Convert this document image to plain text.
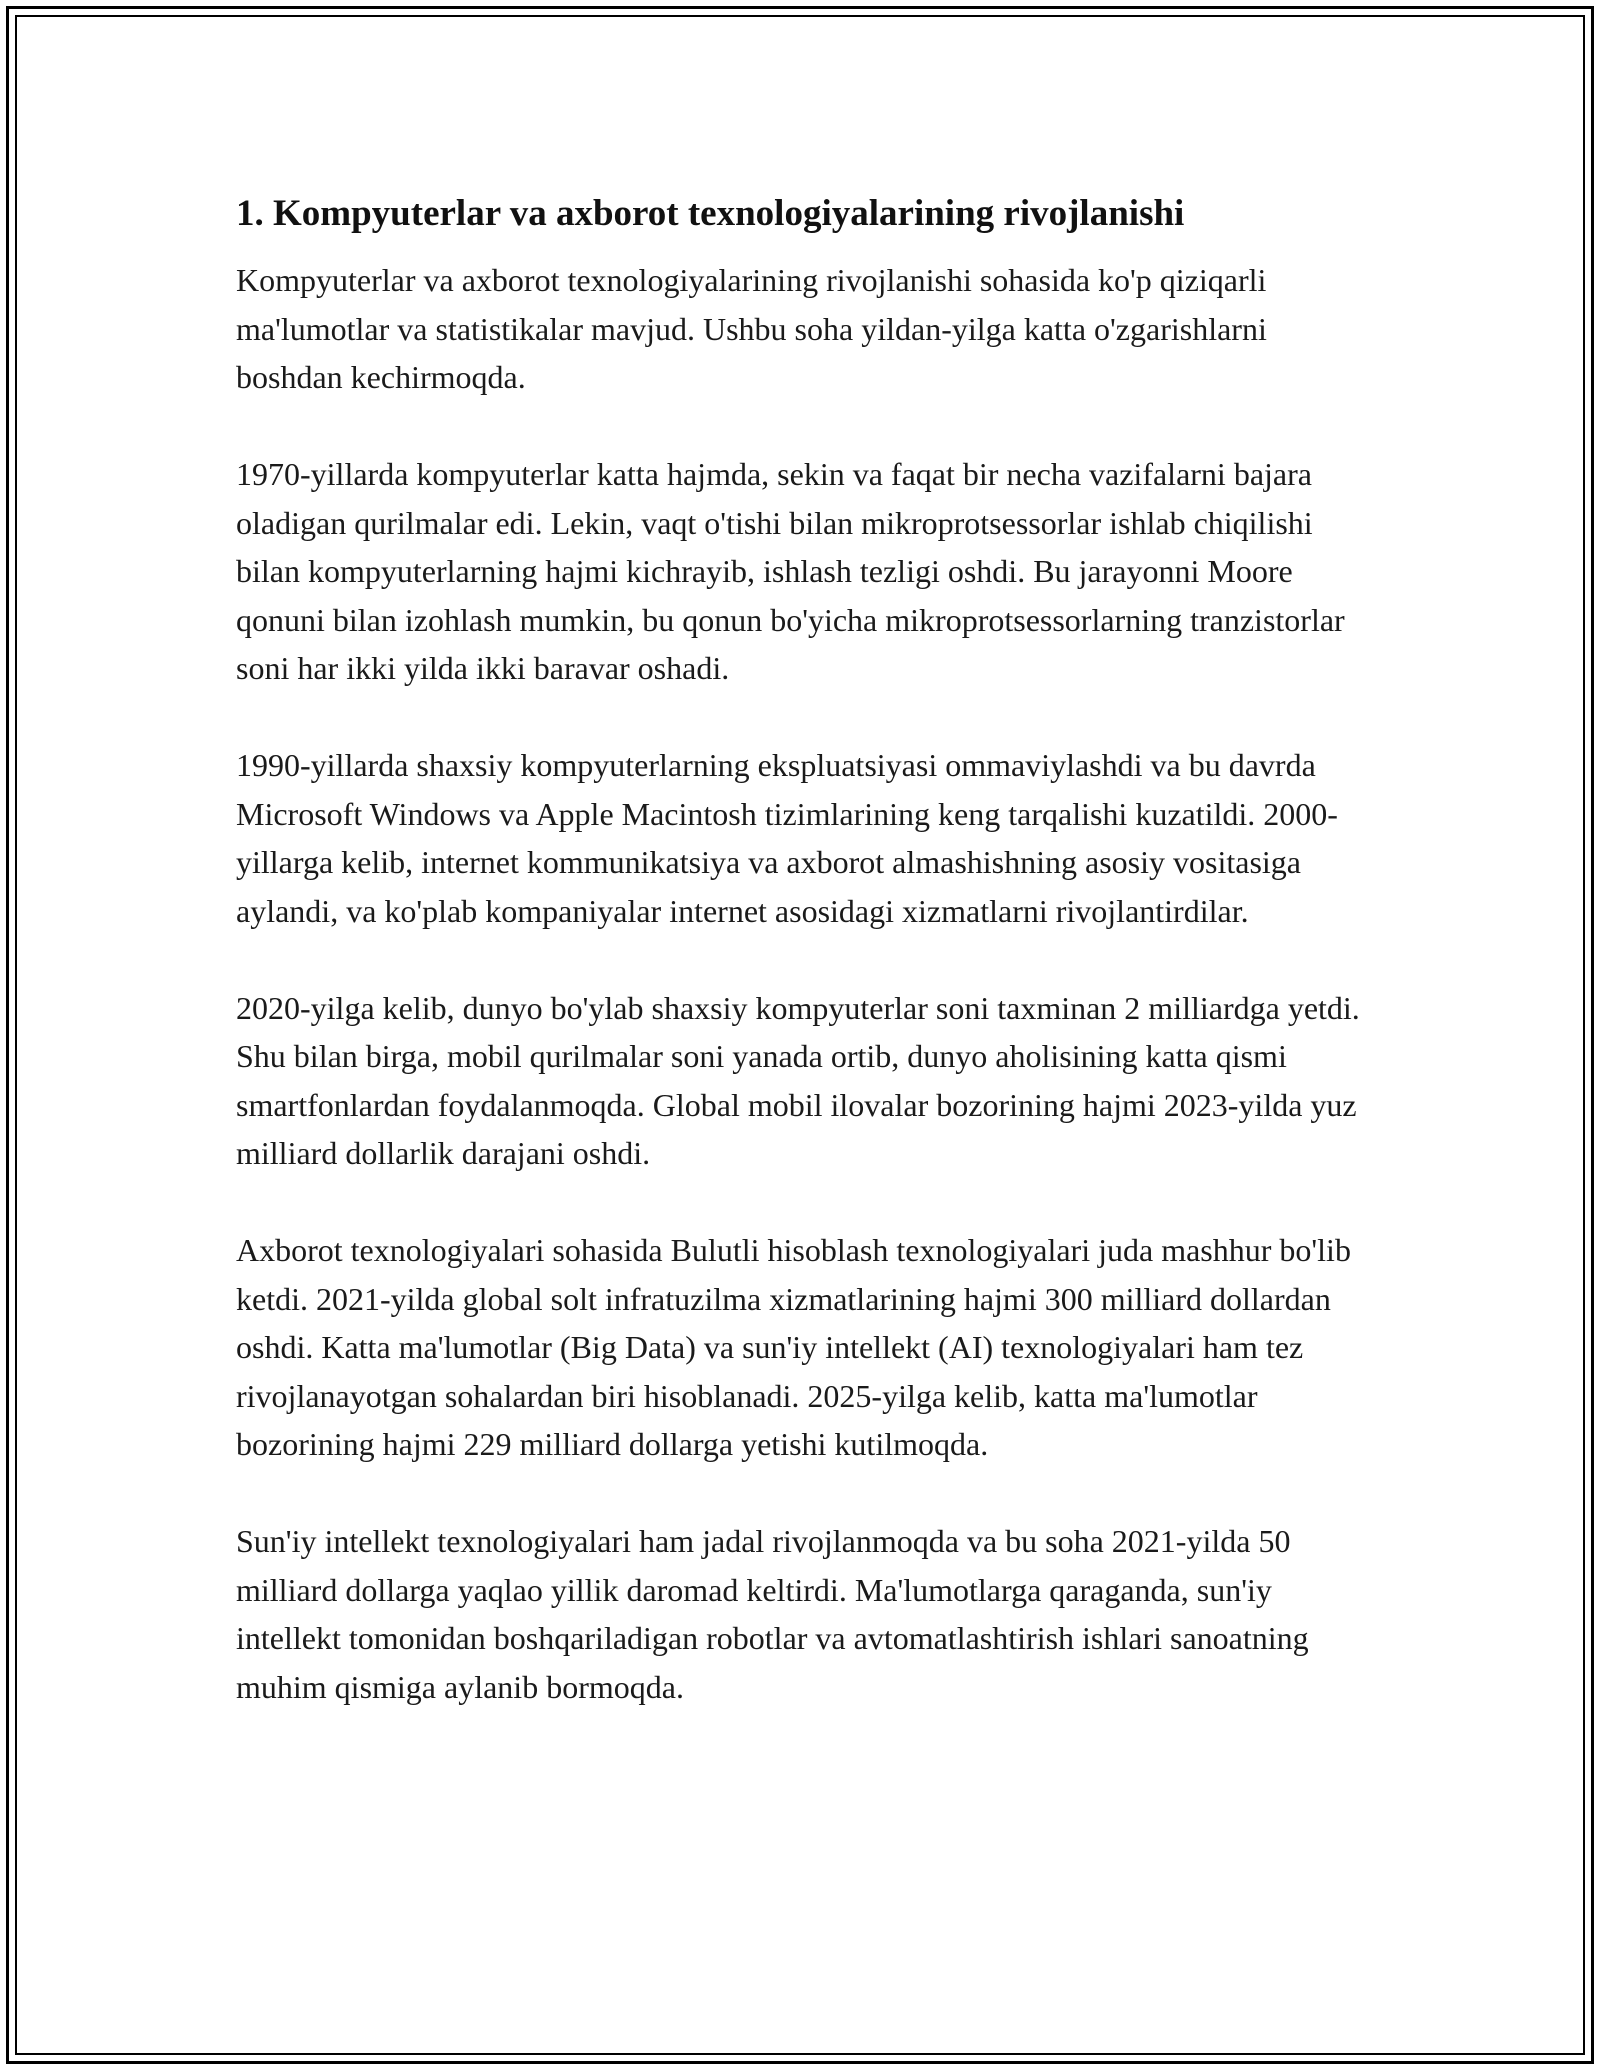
1. Kompyuterlar va axborot texnologiyalarining rivojlanishi

Kompyuterlar va axborot texnologiyalarining rivojlanishi sohasida ko'p qiziqarli ma'lumotlar va statistikalar mavjud. Ushbu soha yildan-yilga katta o'zgarishlarni boshdan kechirmoqda.

1970-yillarda kompyuterlar katta hajmda, sekin va faqat bir necha vazifalarni bajara oladigan qurilmalar edi. Lekin, vaqt o'tishi bilan mikroprotsessorlar ishlab chiqilishi bilan kompyuterlarning hajmi kichrayib, ishlash tezligi oshdi. Bu jarayonni Moore qonuni bilan izohlash mumkin, bu qonun bo'yicha mikroprotsessorlarning tranzistorlar soni har ikki yilda ikki baravar oshadi.

1990-yillarda shaxsiy kompyuterlarning ekspluatsiyasi ommaviylashdi va bu davrda Microsoft Windows va Apple Macintosh tizimlarining keng tarqalishi kuzatildi. 2000-yillarga kelib, internet kommunikatsiya va axborot almashishning asosiy vositasiga aylandi, va ko'plab kompaniyalar internet asosidagi xizmatlarni rivojlantirdilar.

2020-yilga kelib, dunyo bo'ylab shaxsiy kompyuterlar soni taxminan 2 milliardga yetdi. Shu bilan birga, mobil qurilmalar soni yanada ortib, dunyo aholisining katta qismi smartfonlardan foydalanmoqda. Global mobil ilovalar bozorining hajmi 2023-yilda yuz milliard dollarlik darajani oshdi.

Axborot texnologiyalari sohasida Bulutli hisoblash texnologiyalari juda mashhur bo'lib ketdi. 2021-yilda global solt infratuzilma xizmatlarining hajmi 300 milliard dollardan oshdi. Katta ma'lumotlar (Big Data) va sun'iy intellekt (AI) texnologiyalari ham tez rivojlanayotgan sohalardan biri hisoblanadi. 2025-yilga kelib, katta ma'lumotlar bozorining hajmi 229 milliard dollarga yetishi kutilmoqda.

Sun'iy intellekt texnologiyalari ham jadal rivojlanmoqda va bu soha 2021-yilda 50 milliard dollarga yaqlao yillik daromad keltirdi. Ma'lumotlarga qaraganda, sun'iy intellekt tomonidan boshqariladigan robotlar va avtomatlashtirish ishlari sanoatning muhim qismiga aylanib bormoqda.
